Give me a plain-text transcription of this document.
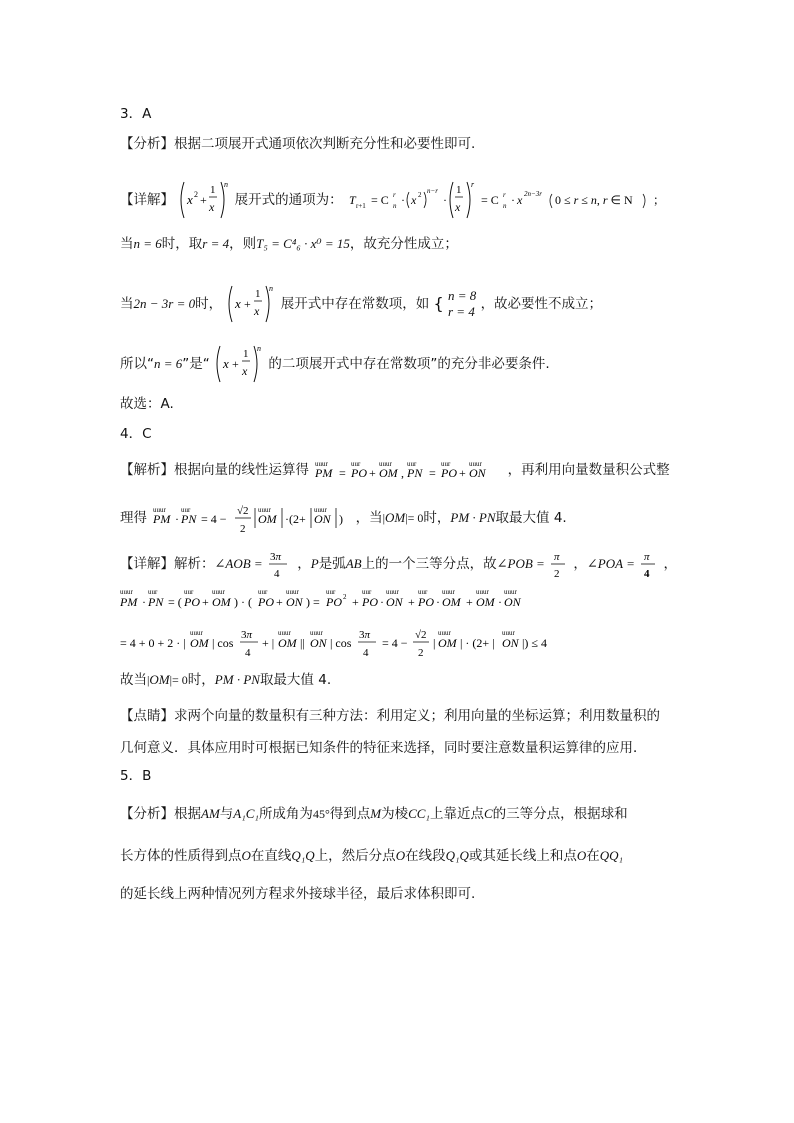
3．A
【分析】根据二项展开式通项依次判断充分性和必要性即可.
【详解】 x 2 +
1
x
n
展开式的通项为： T r+1 = C r
n · x 2 n−r
·
1
x
r
= C r
n · x 2n−3r 0 ≤ r ≤ n, r ∈ N ；
当n = 6时，取r = 4，则T₅ = C⁴₆ · x⁰ = 15，故充分性成立；
当2n − 3r = 0时， x +
1
x
n
展开式中存在常数项，如 { n = 8
r = 4 ，故必要性不成立；
所以“n = 6”是“ x +
1
x
n
的二项展开式中存在常数项”的充分非必要条件.
故选：A.
4．C
【解析】根据向量的线性运算得 PM
uuur
= PO
uur
+ OM
uuur
, PN
uur
= PO
uur
+ ON
uuur ，再利用向量数量积公式整
理得 PM
uuur
· PN
uur
= 4 −
√2
2
OM
uuur
·(2+ ON
uuur
) ，当|OM|= 0时，PM · PN取最大值 4.
【详解】解析：∠AOB = 3π
4
，P是弧AB上的一个三等分点，故∠POB = π
2
，∠POA = π
4
，
PM
uuur
· PN
uur
= ( PO
uur
+ OM
uuur
) · ( PO
uur
+ ON
uuur
) = PO
uur
2 + PO
uur
· ON
uuur
+ PO
uur
· OM
uuur
+ OM
uuur
· ON
uuur
= 4 + 0 + 2 · | OM
uuur
| cos
3π
4
+ | OM
uuur
|| ON
uuur
| cos
3π
4
= 4 −
√2
2
| OM
uuur
| · (2+ | ON
uuur
|) ≤ 4
故当|OM|= 0时，PM · PN取最大值 4.
【点睛】求两个向量的数量积有三种方法：利用定义；利用向量的坐标运算；利用数量积的
几何意义．具体应用时可根据已知条件的特征来选择，同时要注意数量积运算律的应用．
5．B
【分析】根据AM与A₁C₁所成角为45°得到点M为棱CC₁上靠近点C的三等分点，根据球和
长方体的性质得到点O在直线Q₁Q上，然后分点O在线段Q₁Q或其延长线上和点O在QQ₁
的延长线上两种情况列方程求外接球半径，最后求体积即可.
